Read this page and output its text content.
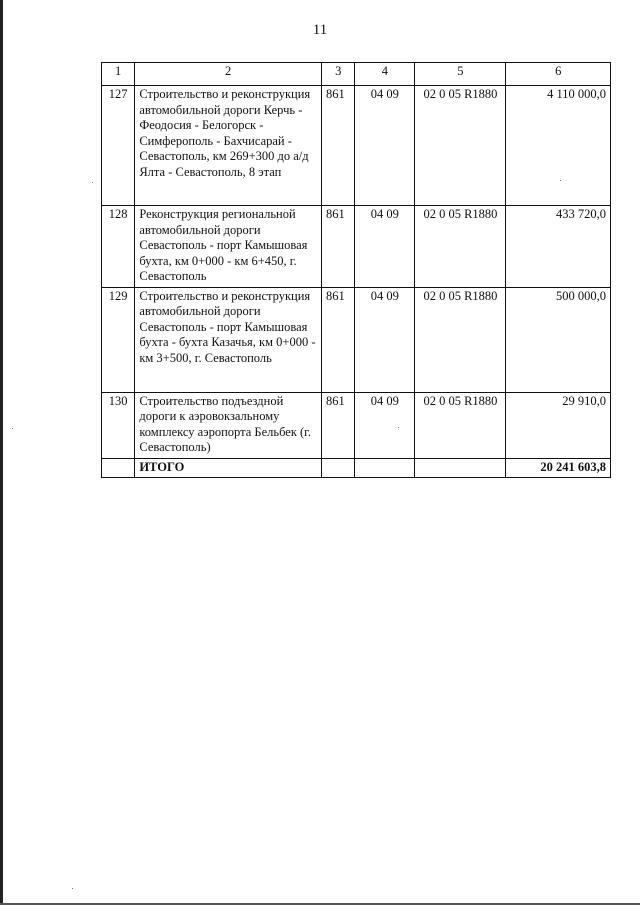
11
1	2	3	4	5	6
127	Строительство и реконструкция автомобильной дороги Керчь - Феодосия - Белогорск - Симферополь - Бахчисарай - Севастополь, км 269+300 до а/д Ялта - Севастополь, 8 этап	861	04 09	02 0 05 R1880	4 110 000,0
128	Реконструкция региональной автомобильной дороги Севастополь - порт Камышовая бухта, км 0+000 - км 6+450, г. Севастополь	861	04 09	02 0 05 R1880	433 720,0
129	Строительство и реконструкция автомобильной дороги Севастополь - порт Камышовая бухта - бухта Казачья, км 0+000 - км 3+500, г. Севастополь	861	04 09	02 0 05 R1880	500 000,0
130	Строительство подъездной дороги к аэровокзальному комплексу аэропорта Бельбек (г. Севастополь)	861	04 09	02 0 05 R1880	29 910,0
	ИТОГО				20 241 603,8
